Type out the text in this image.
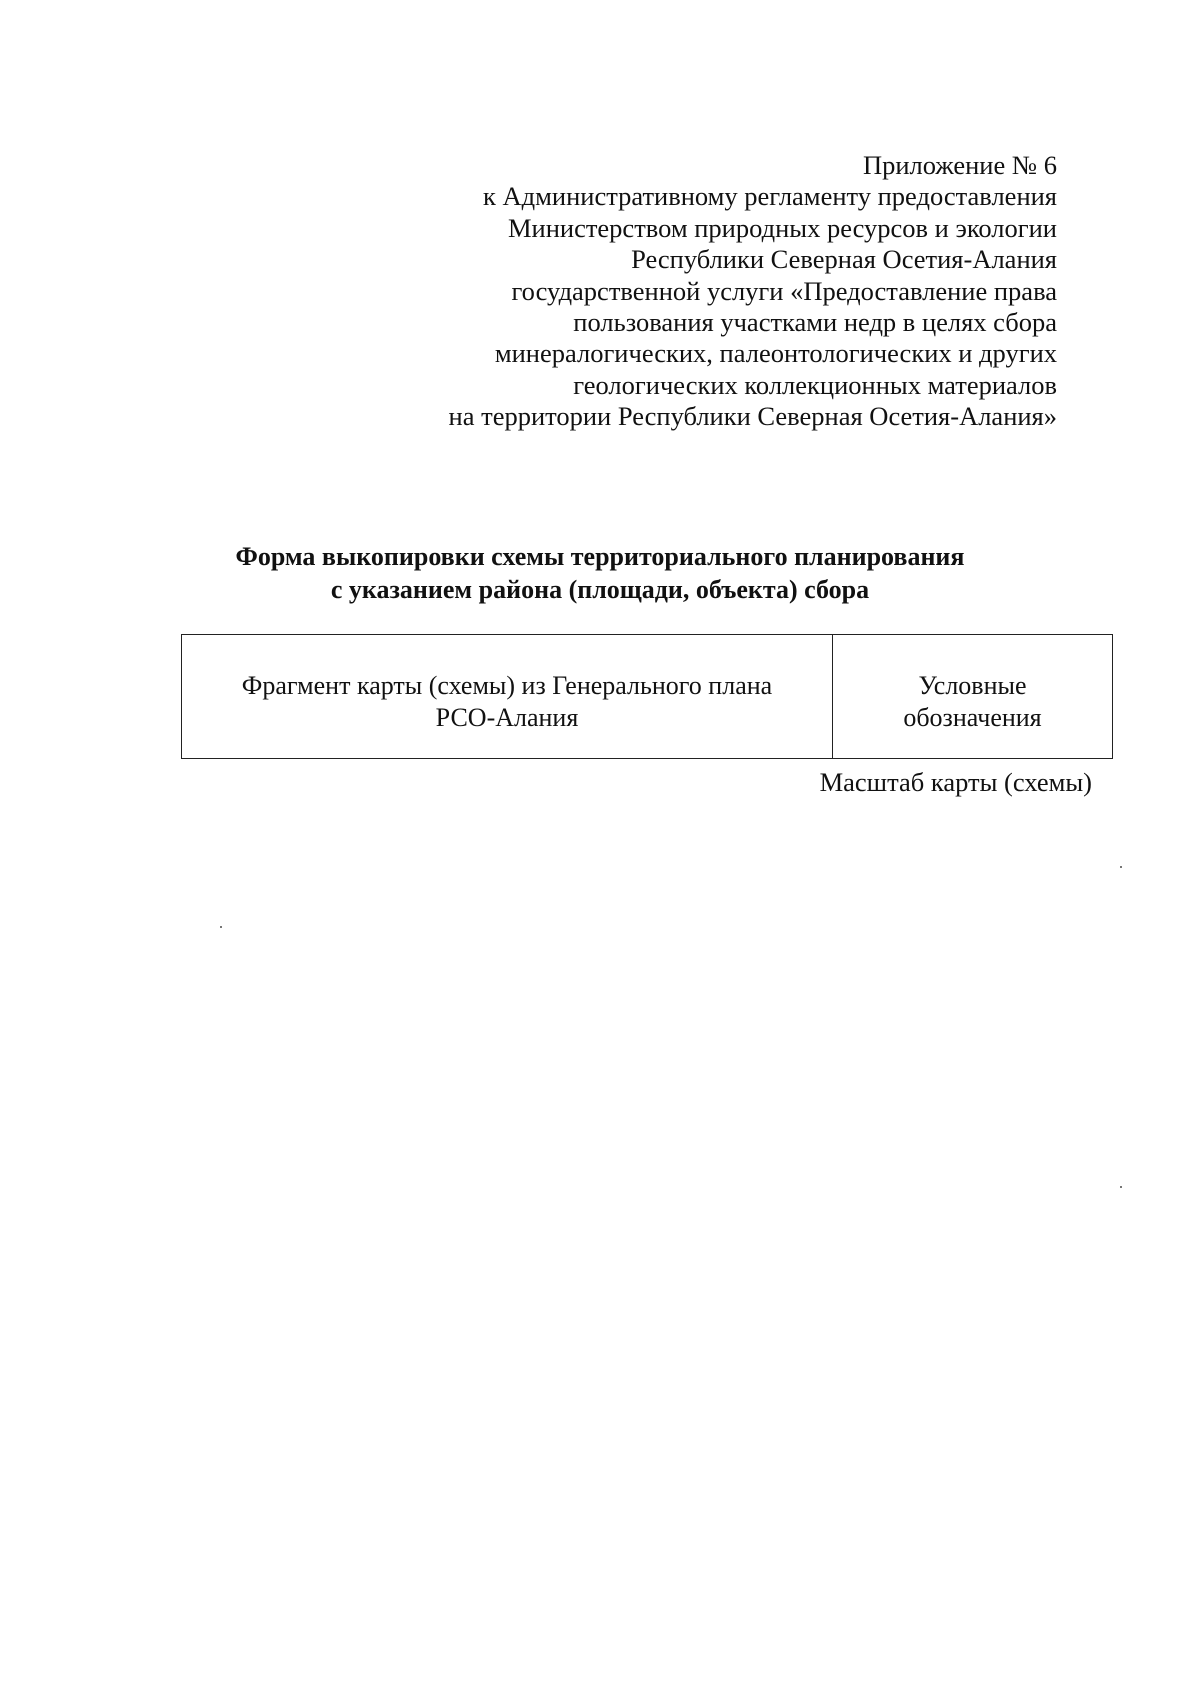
Приложение № 6
к Административному регламенту предоставления
Министерством природных ресурсов и экологии
Республики Северная Осетия-Алания
государственной услуги «Предоставление права
пользования участками недр в целях сбора
минералогических, палеонтологических и других
геологических коллекционных материалов
на территории Республики Северная Осетия-Алания»
Форма выкопировки схемы территориального планирования
с указанием района (площади, объекта) сбора
Фрагмент карты (схемы) из Генерального плана
РСО-Алания
Условные
обозначения
Масштаб карты (схемы)
